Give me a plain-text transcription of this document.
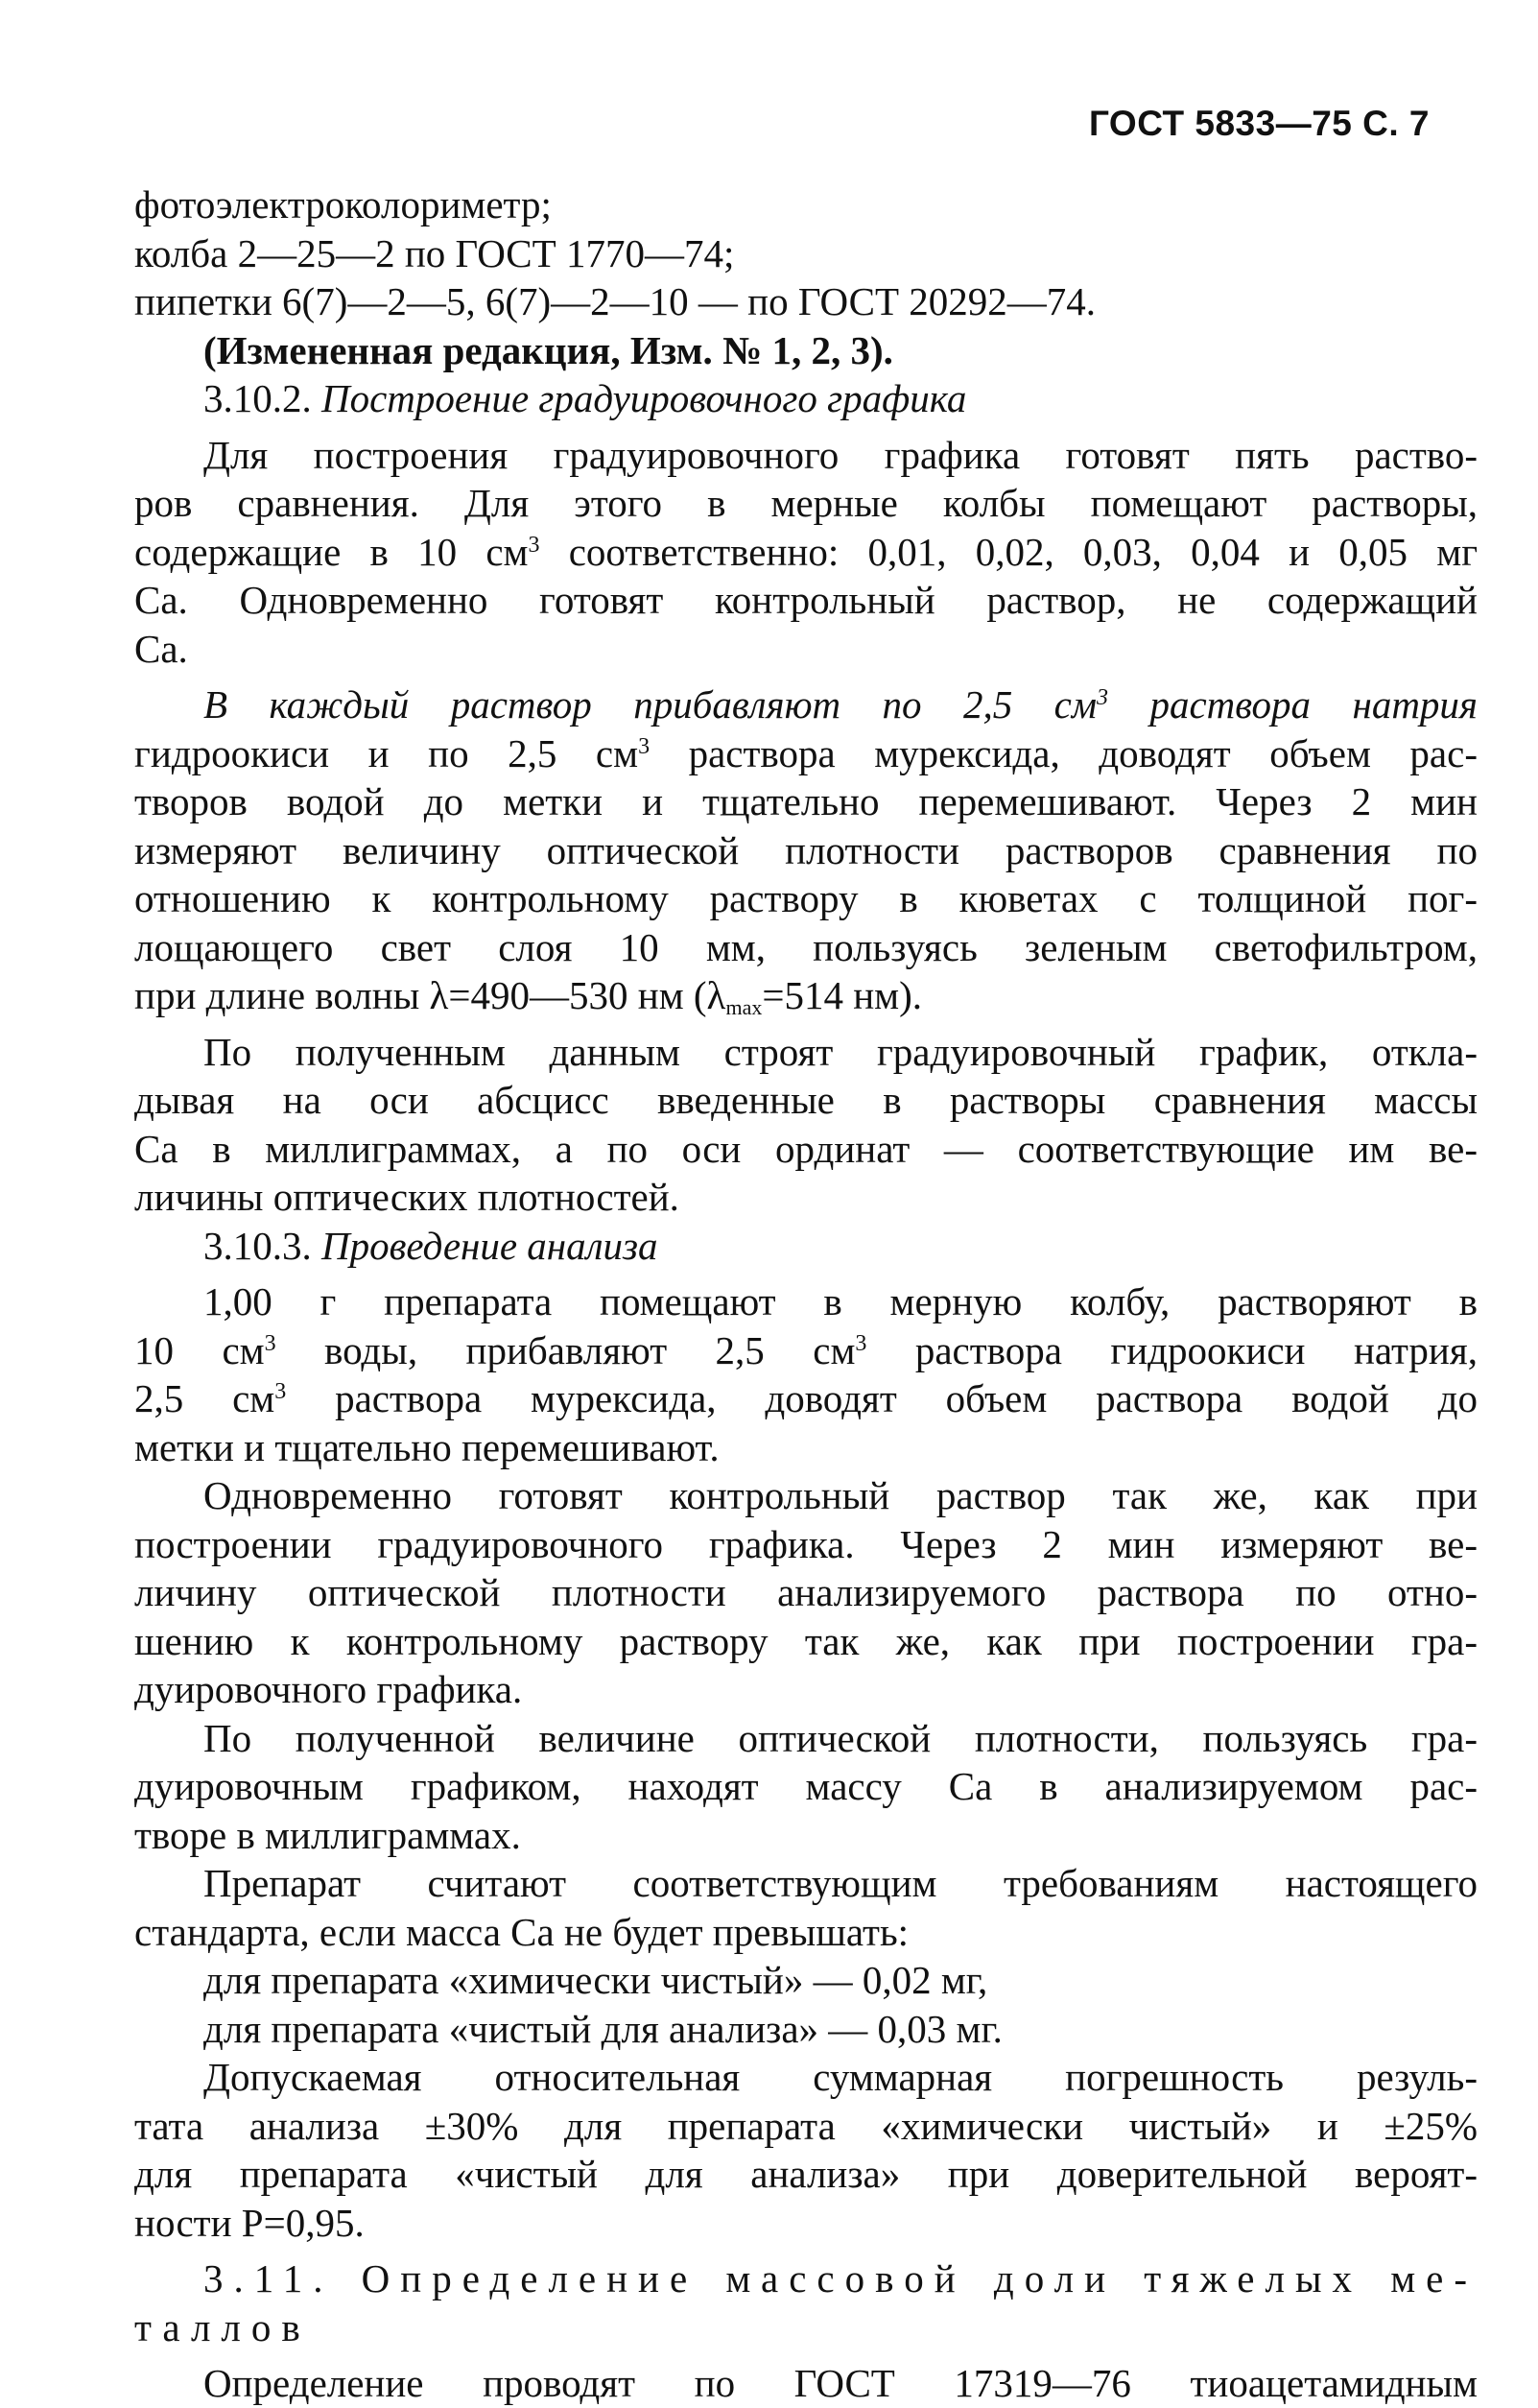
ГОСТ 5833—75 С. 7
фотоэлектроколориметр;
колба 2—25—2 по ГОСТ 1770—74;
пипетки 6(7)—2—5, 6(7)—2—10 — по ГОСТ 20292—74.
(Измененная редакция, Изм. № 1, 2, 3).
3.10.2. Построение градуировочного графика
Для построения градуировочного графика готовят пять раство-
ров сравнения. Для этого в мерные колбы помещают растворы,
содержащие в 10 $см^3$ соответственно: 0,01, 0,02, 0,03, 0,04 и 0,05 мг
Са. Одновременно готовят контрольный раствор, не содержащий
Са.
В каждый раствор прибавляют по 2,5 $см^3$ раствора натрия
гидроокиси и по 2,5 $см^3$ раствора мурексида, доводят объем рас-
творов водой до метки и тщательно перемешивают. Через 2 мин
измеряют величину оптической плотности растворов сравнения по
отношению к контрольному раствору в кюветах с толщиной пог-
лощающего свет слоя 10 мм, пользуясь зеленым светофильтром,
при длине волны λ=490—530 нм ($\lambda_{max}=514$ нм).
По полученным данным строят градуировочный график, откла-
дывая на оси абсцисс введенные в растворы сравнения массы
Са в миллиграммах, а по оси ординат — соответствующие им ве-
личины оптических плотностей.
3.10.3. Проведение анализа
1,00 г препарата помещают в мерную колбу, растворяют в
10 $см^3$ воды, прибавляют 2,5 $см^3$ раствора гидроокиси натрия,
2,5 $см^3$ раствора мурексида, доводят объем раствора водой до
метки и тщательно перемешивают.
Одновременно готовят контрольный раствор так же, как при
построении градуировочного графика. Через 2 мин измеряют ве-
личину оптической плотности анализируемого раствора по отно-
шению к контрольному раствору так же, как при построении гра-
дуировочного графика.
По полученной величине оптической плотности, пользуясь гра-
дуировочным графиком, находят массу Са в анализируемом рас-
творе в миллиграммах.
Препарат считают соответствующим требованиям настоящего
стандарта, если масса Са не будет превышать:
для препарата «химически чистый» — 0,02 мг,
для препарата «чистый для анализа» — 0,03 мг.
Допускаемая относительная суммарная погрешность резуль-
тата анализа ±30% для препарата «химически чистый» и ±25%
для препарата «чистый для анализа» при доверительной вероят-
ности P=0,95.
3.11. Определение массовой доли тяжелых ме-
таллов
Определение проводят по ГОСТ 17319—76 тиоацетамидным
